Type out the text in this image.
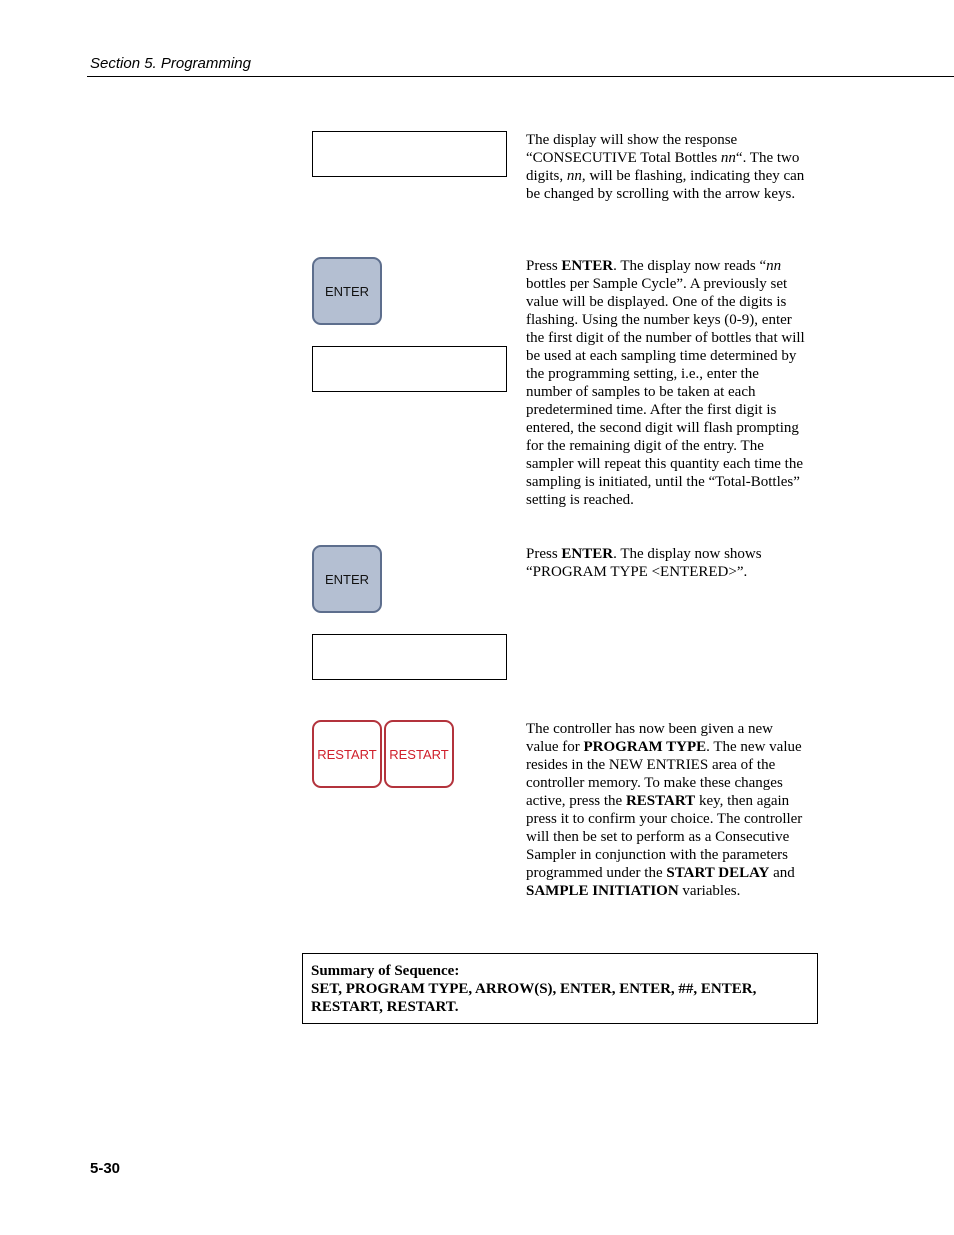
Section 5. Programming

The display will show the response “CONSECUTIVE Total Bottles nn“. The two digits, nn, will be flashing, indicating they can be changed by scrolling with the arrow keys.
ENTER

Press ENTER. The display now reads “nn bottles per Sample Cycle”. A previously set value will be displayed. One of the digits is flashing. Using the number keys (0-9), enter the first digit of the number of bottles that will be used at each sampling time determined by the programming setting, i.e., enter the number of samples to be taken at each predetermined time. After the first digit is entered, the second digit will flash prompting for the remaining digit of the entry. The sampler will repeat this quantity each time the sampling is initiated, until the “Total-Bottles” setting is reached.
ENTER

Press ENTER. The display now shows “PROGRAM TYPE <ENTERED>”.
RESTART RESTART
The controller has now been given a new value for PROGRAM TYPE. The new value resides in the NEW ENTRIES area of the controller memory. To make these changes active, press the RESTART key, then again press it to confirm your choice. The controller will then be set to perform as a Consecutive Sampler in conjunction with the parameters programmed under the START DELAY and SAMPLE INITIATION variables.
Summary of Sequence:
SET, PROGRAM TYPE, ARROW(S), ENTER, ENTER, ##, ENTER, RESTART, RESTART.
5-30
